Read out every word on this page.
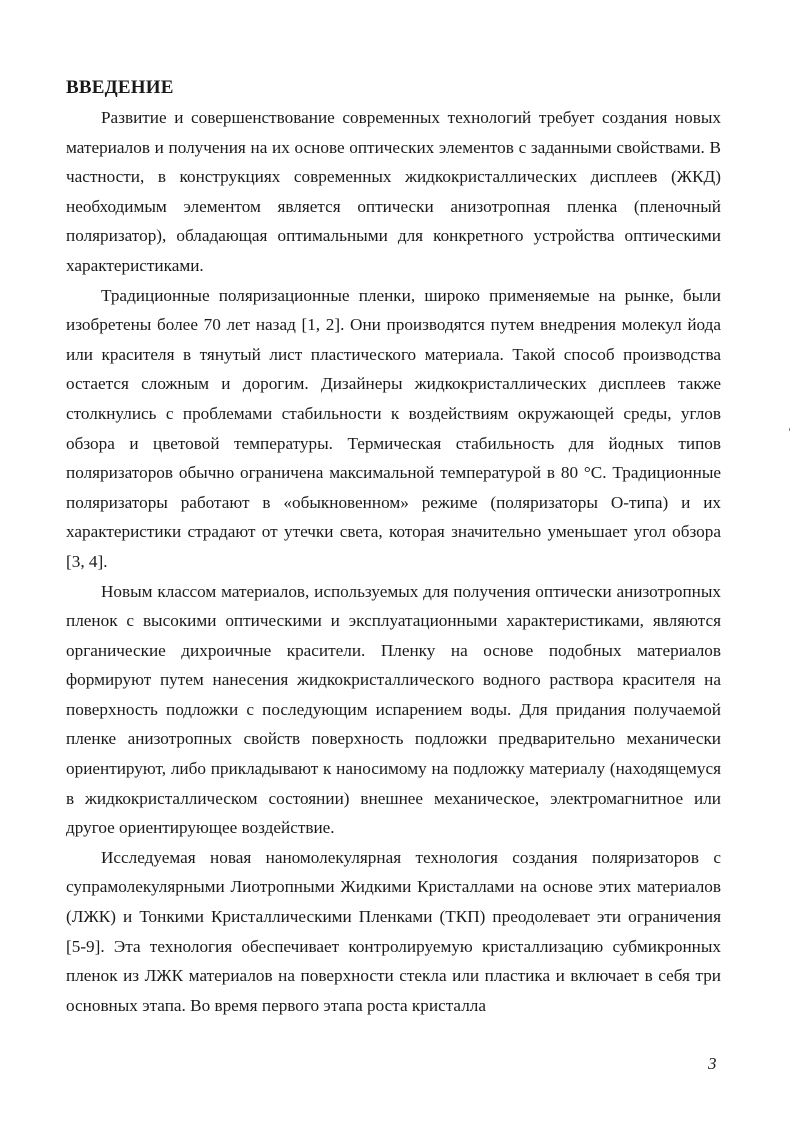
ВВЕДЕНИЕ

Развитие и совершенствование современных технологий требует создания новых материалов и получения на их основе оптических элементов с заданными свойствами. В частности, в конструкциях современных жидкокристаллических дисплеев (ЖКД) необходимым элементом является оптически анизотропная пленка (пленочный поляризатор), обладающая оптимальными для конкретного устройства оптическими характеристиками.

Традиционные поляризационные пленки, широко применяемые на рынке, были изобретены более 70 лет назад [1, 2]. Они производятся путем внедрения молекул йода или красителя в тянутый лист пластического материала. Такой способ производства остается сложным и дорогим. Дизайнеры жидкокристаллических дисплеев также столкнулись с проблемами стабильности к воздействиям окружающей среды, углов обзора и цветовой температуры. Термическая стабильность для йодных типов поляризаторов обычно ограничена максимальной температурой в 80 °С. Традиционные поляризаторы работают в «обыкновенном» режиме (поляризаторы О-типа) и их характеристики страдают от утечки света, которая значительно уменьшает угол обзора [3, 4].

Новым классом материалов, используемых для получения оптически анизотропных пленок с высокими оптическими и эксплуатационными характеристиками, являются органические дихроичные красители. Пленку на основе подобных материалов формируют путем нанесения жидкокристаллического водного раствора красителя на поверхность подложки с последующим испарением воды. Для придания получаемой пленке анизотропных свойств поверхность подложки предварительно механически ориентируют, либо прикладывают к наносимому на подложку материалу (находящемуся в жидкокристаллическом состоянии) внешнее механическое, электромагнитное или другое ориентирующее воздействие.

Исследуемая новая наномолекулярная технология создания поляризаторов с супрамолекулярными Лиотропными Жидкими Кристаллами на основе этих материалов (ЛЖК) и Тонкими Кристаллическими Пленками (ТКП) преодолевает эти ограничения [5-9]. Эта технология обеспечивает контролируемую кристаллизацию субмикронных пленок из ЛЖК материалов на поверхности стекла или пластика и включает в себя три основных этапа. Во время первого этапа роста кристалла

3
